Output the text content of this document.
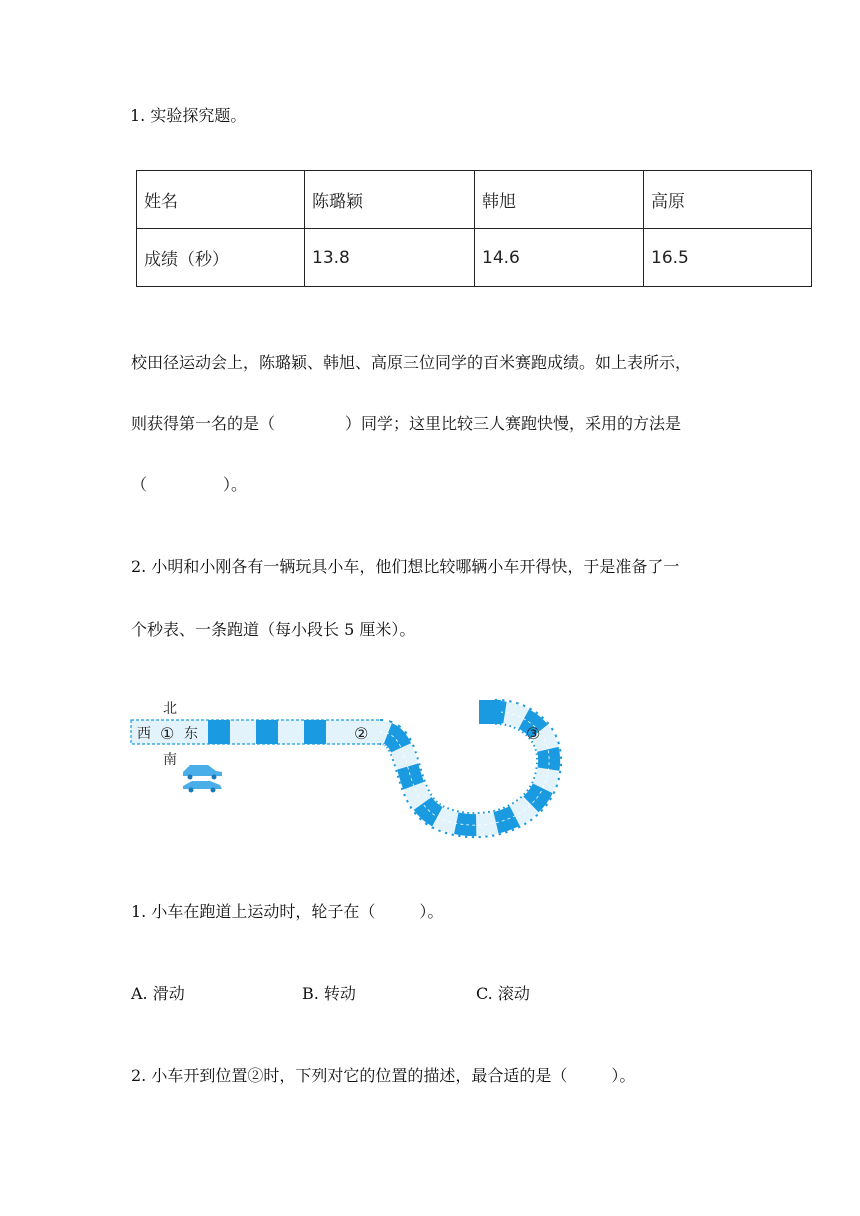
1. 实验探究题。
姓名	陈璐颖	韩旭	高原
成绩（秒）	13.8	14.6	16.5
校田径运动会上，陈璐颖、韩旭、高原三位同学的百米赛跑成绩。如上表所示，
则获得第一名的是（	）同学；这里比较三人赛跑快慢，采用的方法是
（	）。
2. 小明和小刚各有一辆玩具小车，他们想比较哪辆小车开得快，于是准备了一
个秒表、一条跑道（每小段长 5 厘米）。
北
南
西 东
①	②	③
1. 小车在跑道上运动时，轮子在（	）。
A. 滑动	B. 转动	C. 滚动
2. 小车开到位置②时，下列对它的位置的描述，最合适的是（	）。
